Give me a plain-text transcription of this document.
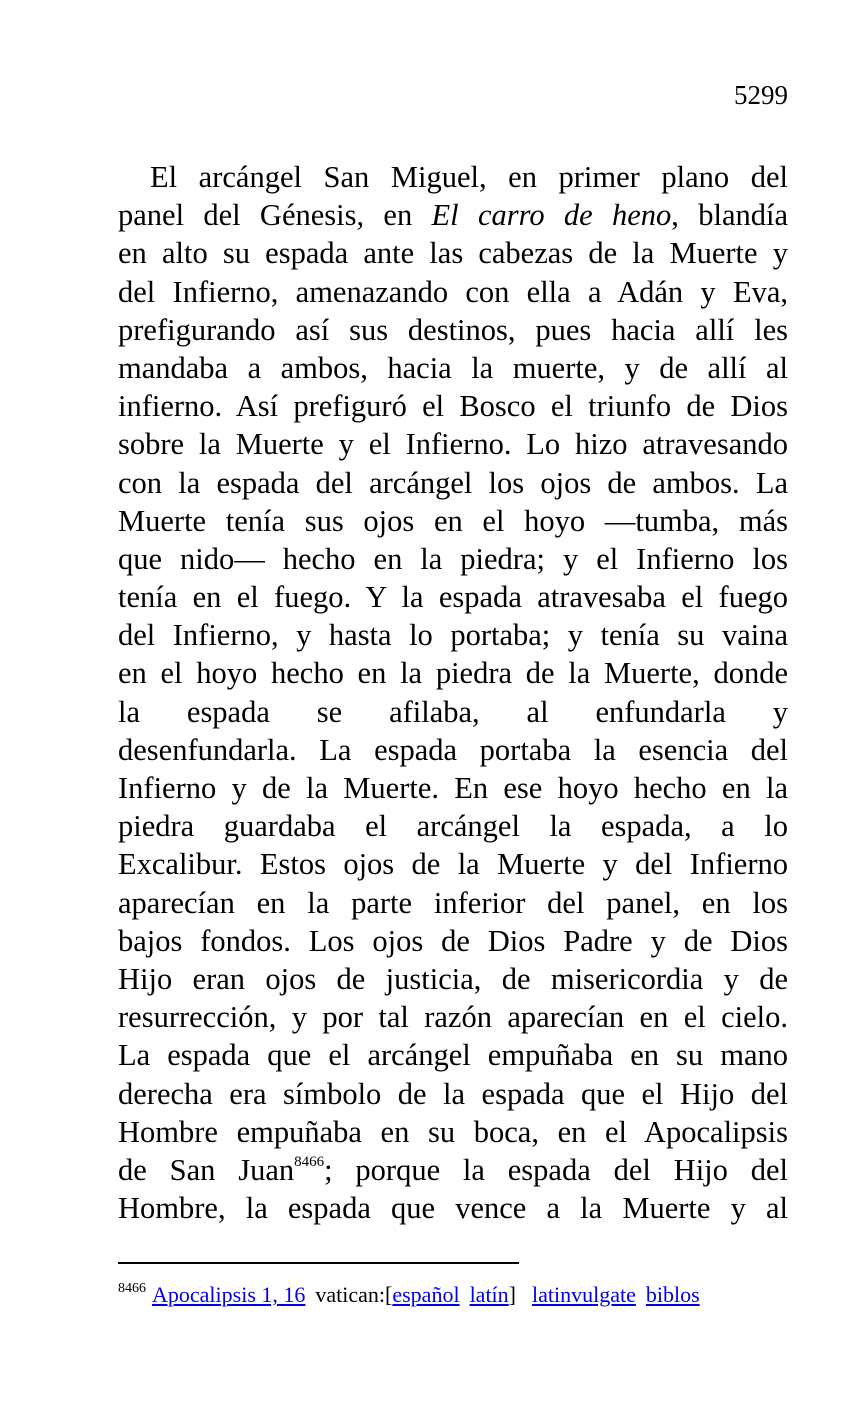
5299
El arcángel San Miguel, en primer plano del
panel del Génesis, en El carro de heno, blandía
en alto su espada ante las cabezas de la Muerte y
del Infierno, amenazando con ella a Adán y Eva,
prefigurando así sus destinos, pues hacia allí les
mandaba a ambos, hacia la muerte, y de allí al
infierno. Así prefiguró el Bosco el triunfo de Dios
sobre la Muerte y el Infierno. Lo hizo atravesando
con la espada del arcángel los ojos de ambos. La
Muerte tenía sus ojos en el hoyo —tumba, más
que nido— hecho en la piedra; y el Infierno los
tenía en el fuego. Y la espada atravesaba el fuego
del Infierno, y hasta lo portaba; y tenía su vaina
en el hoyo hecho en la piedra de la Muerte, donde
la espada se afilaba, al enfundarla y
desenfundarla. La espada portaba la esencia del
Infierno y de la Muerte. En ese hoyo hecho en la
piedra guardaba el arcángel la espada, a lo
Excalibur. Estos ojos de la Muerte y del Infierno
aparecían en la parte inferior del panel, en los
bajos fondos. Los ojos de Dios Padre y de Dios
Hijo eran ojos de justicia, de misericordia y de
resurrección, y por tal razón aparecían en el cielo.
La espada que el arcángel empuñaba en su mano
derecha era símbolo de la espada que el Hijo del
Hombre empuñaba en su boca, en el Apocalipsis
de San Juan$^{8466}$; porque la espada del Hijo del
Hombre, la espada que vence a la Muerte y al
$^{8466}$ Apocalipsis 1, 16 vatican:[español latín] latinvulgate biblos
